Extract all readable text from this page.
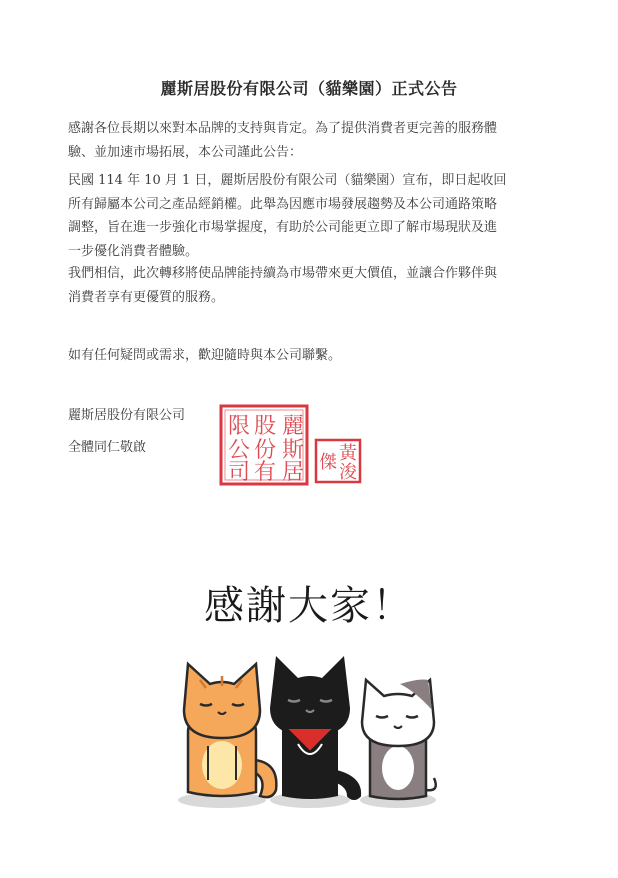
麗斯居股份有限公司（貓樂園）正式公告
感謝各位長期以來對本品牌的支持與肯定。為了提供消費者更完善的服務體驗、並加速市場拓展，本公司謹此公告：
民國 114 年 10 月 1 日，麗斯居股份有限公司（貓樂園）宣布，即日起收回所有歸屬本公司之產品經銷權。此舉為因應市場發展趨勢及本公司通路策略調整，旨在進一步強化市場掌握度，有助於公司能更立即了解市場現狀及進一步優化消費者體驗。
我們相信，此次轉移將使品牌能持續為市場帶來更大價值，並讓合作夥伴與消費者享有更優質的服務。
如有任何疑問或需求，歡迎隨時與本公司聯繫。
麗斯居股份有限公司
全體同仁敬啟
麗
斯
居
股
份
有
限
公
司
黃
浚
傑
感謝大家！
